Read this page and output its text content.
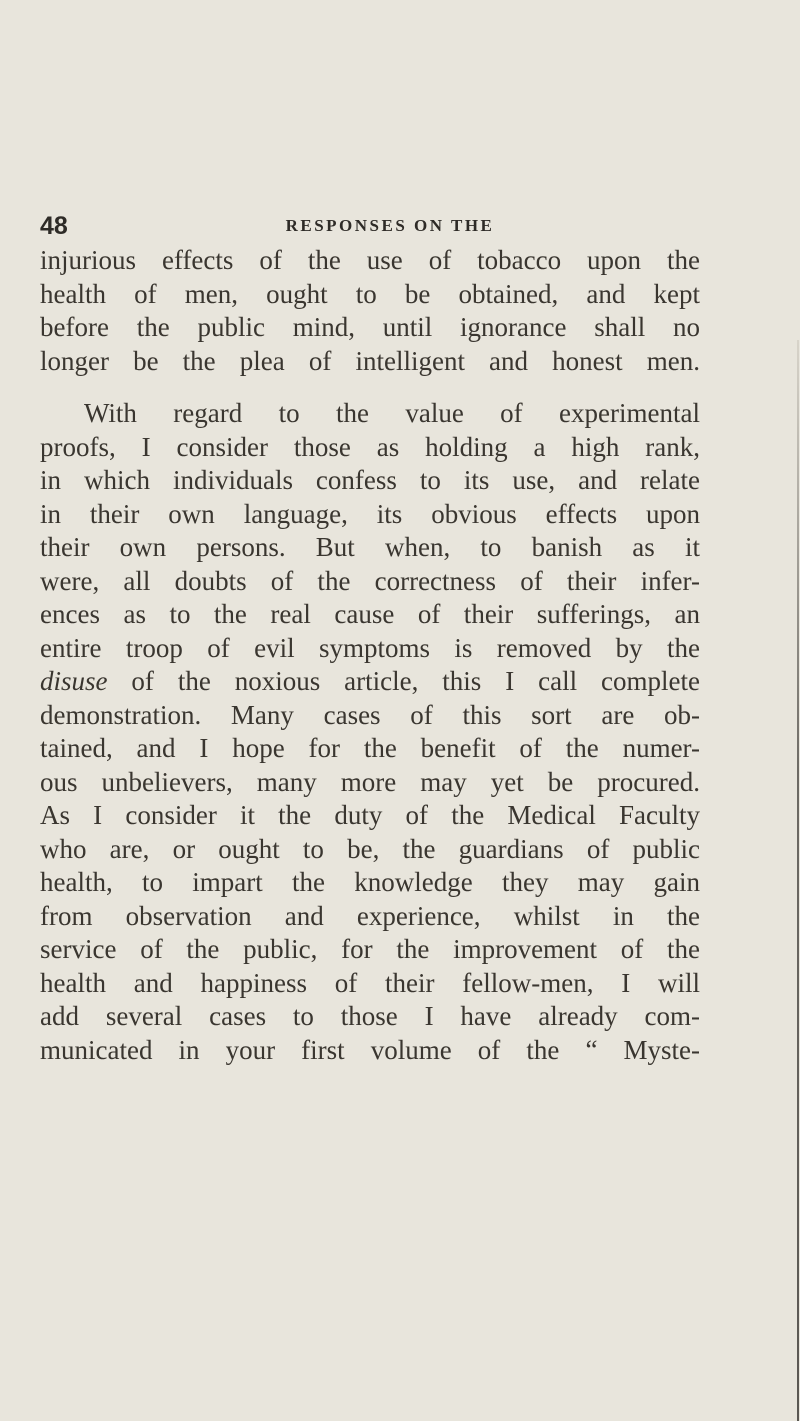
48	RESPONSES ON THE
injurious effects of the use of tobacco upon the
health of men, ought to be obtained, and kept
before the public mind, until ignorance shall no
longer be the plea of intelligent and honest men.
With regard to the value of experimental
proofs, I consider those as holding a high rank,
in which individuals confess to its use, and relate
in their own language, its obvious effects upon
their own persons. But when, to banish as it
were, all doubts of the correctness of their infer-
ences as to the real cause of their sufferings, an
entire troop of evil symptoms is removed by the
disuse of the noxious article, this I call complete
demonstration. Many cases of this sort are ob-
tained, and I hope for the benefit of the numer-
ous unbelievers, many more may yet be procured.
As I consider it the duty of the Medical Faculty
who are, or ought to be, the guardians of public
health, to impart the knowledge they may gain
from observation and experience, whilst in the
service of the public, for the improvement of the
health and happiness of their fellow-men, I will
add several cases to those I have already com-
municated in your first volume of the “ Myste-
